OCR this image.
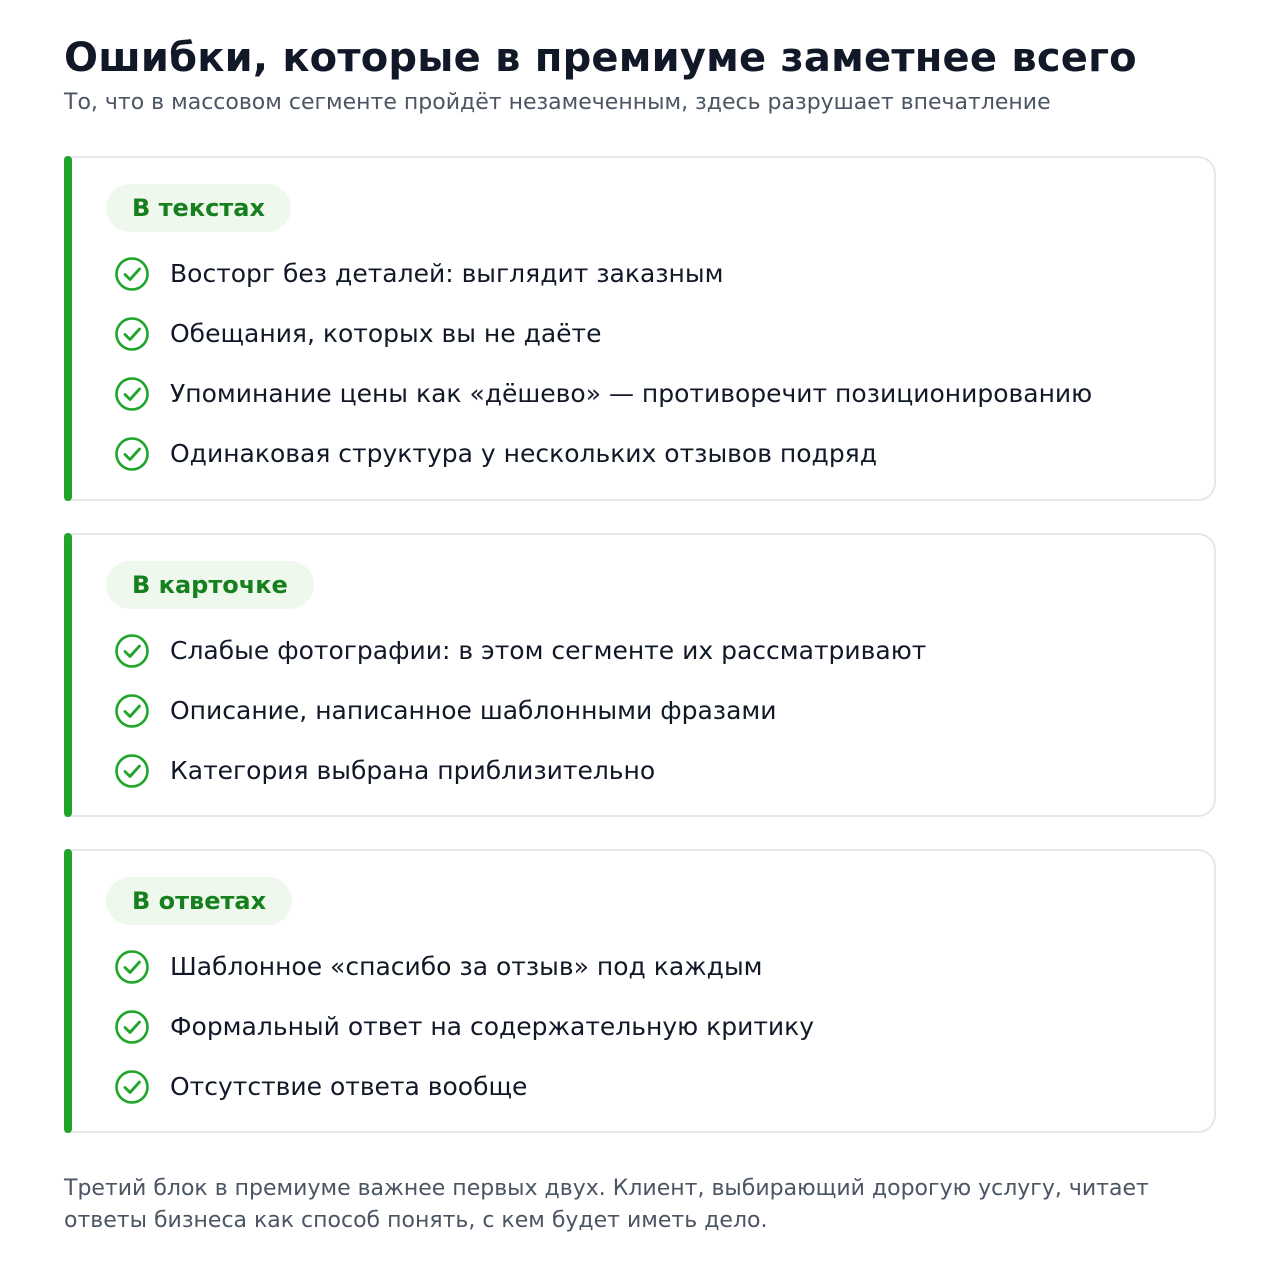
Ошибки, которые в премиуме заметнее всего

То, что в массовом сегменте пройдёт незамеченным, здесь разрушает впечатление

В текстах
Восторг без деталей: выглядит заказным
Обещания, которых вы не даёте
Упоминание цены как «дёшево» — противоречит позиционированию
Одинаковая структура у нескольких отзывов подряд
В карточке
Слабые фотографии: в этом сегменте их рассматривают
Описание, написанное шаблонными фразами
Категория выбрана приблизительно
В ответах
Шаблонное «спасибо за отзыв» под каждым
Формальный ответ на содержательную критику
Отсутствие ответа вообще

Третий блок в премиуме важнее первых двух. Клиент, выбирающий дорогую услугу, читает ответы бизнеса как способ понять, с кем будет иметь дело.
